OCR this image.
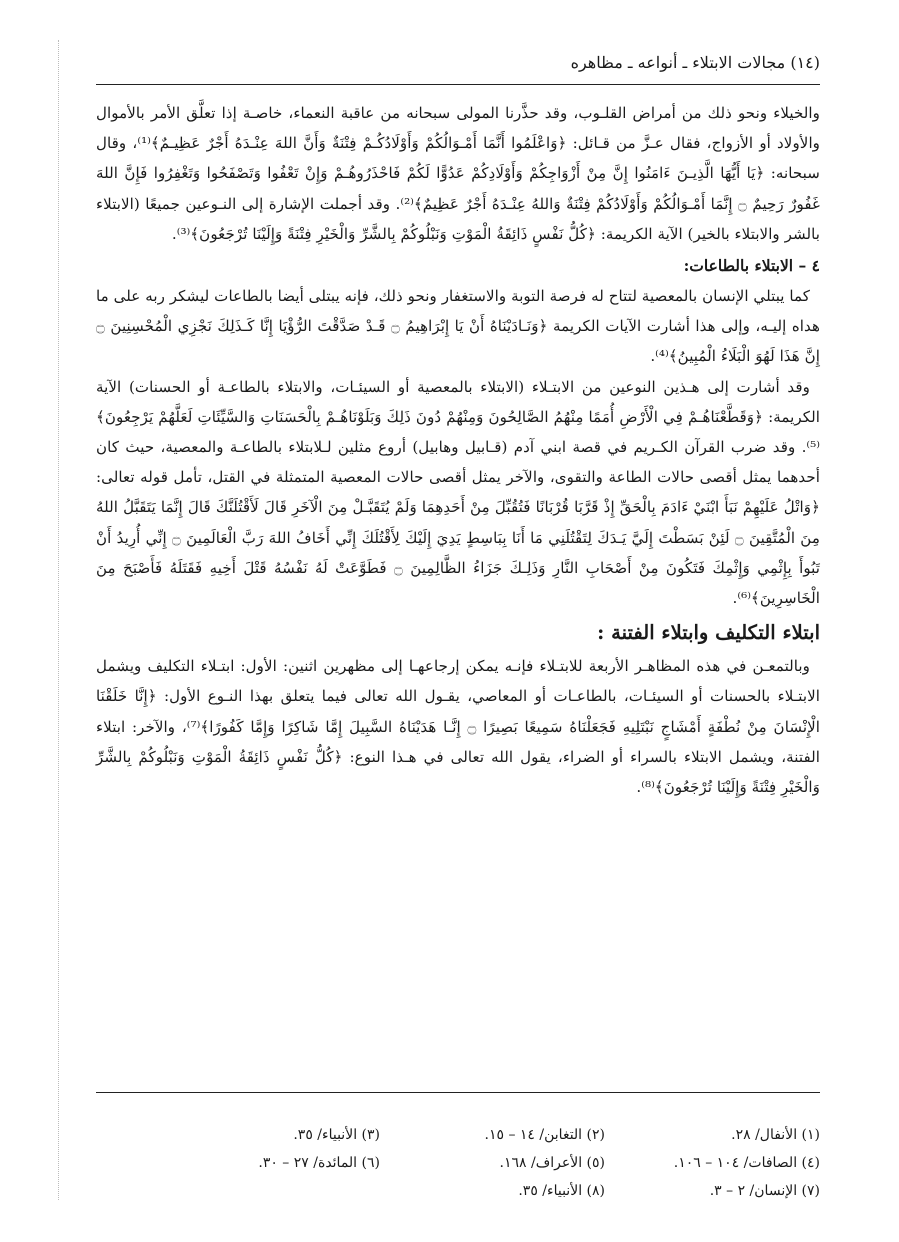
(١٤) مجالات الابتلاء ـ أنواعه ـ مظاهره

والخيلاء ونحو ذلك من أمراض القلـوب، وقد حذَّرنا المولى سبحانه من عاقبة النعماء، خاصـة إذا تعلَّق الأمر بالأموال والأولاد أو الأزواج، فقال عـزَّ من قـائل: ﴿وَاعْلَمُوا أَنَّمَا أَمْـوَالُكُمْ وَأَوْلَادُكُـمْ فِتْنَةٌ وَأَنَّ اللهَ عِنْـدَهُ أَجْرٌ عَظِيـمٌ﴾⁽¹⁾، وقال سبحانه: ﴿يَا أَيُّهَا الَّذِيـنَ ءَامَنُوا إِنَّ مِنْ أَزْوَاجِكُمْ وَأَوْلَادِكُمْ عَدُوًّا لَكُمْ فَاحْذَرُوهُـمْ وَإِنْ تَعْفُوا وَتَصْفَحُوا وَتَغْفِرُوا فَإِنَّ اللهَ غَفُورٌ رَحِيمٌ ۝ إِنَّمَا أَمْـوَالُكُمْ وَأَوْلَادُكُمْ فِتْنَةٌ وَاللهُ عِنْـدَهُ أَجْرٌ عَظِيمٌ﴾⁽²⁾. وقد أجملت الإشارة إلى النـوعين جميعًا (الابتلاء بالشر والابتلاء بالخير) الآية الكريمة: ﴿كُلُّ نَفْسٍ ذَائِقَةُ الْمَوْتِ وَنَبْلُوكُمْ بِالشَّرِّ وَالْخَيْرِ فِتْنَةً وَإِلَيْنَا تُرْجَعُونَ﴾⁽³⁾.

٤ – الابتلاء بالطاعات:

كما يبتلي الإنسان بالمعصية لتتاح له فرصة التوبة والاستغفار ونحو ذلك، فإنه يبتلى أيضا بالطاعات ليشكر ربه على ما هداه إليـه، وإلى هذا أشارت الآيات الكريمة ﴿وَنَـادَيْنَاهُ أَنْ يَا إِبْرَاهِيمُ ۝ قَـدْ صَدَّقْتَ الرُّؤْيَا إِنَّا كَـذَلِكَ نَجْزِي الْمُحْسِنِينَ ۝ إِنَّ هَذَا لَهُوَ الْبَلَاءُ الْمُبِينُ﴾⁽⁴⁾.

وقد أشارت إلى هـذين النوعين من الابتـلاء (الابتلاء بالمعصية أو السيئـات، والابتلاء بالطاعـة أو الحسنات) الآية الكريمة: ﴿وَقَطَّعْنَاهُـمْ فِي الْأَرْضِ أُمَمًا مِنْهُمُ الصَّالِحُونَ وَمِنْهُمْ دُونَ ذَلِكَ وَبَلَوْنَاهُـمْ بِالْحَسَنَاتِ وَالسَّيِّئَاتِ لَعَلَّهُمْ يَرْجِعُونَ﴾⁽⁵⁾. وقد ضرب القرآن الكـريم في قصة ابني آدم (قـابيل وهابيل) أروع مثلين لـلابتلاء بالطاعـة والمعصية، حيث كان أحدهما يمثل أقصى حالات الطاعة والتقوى، والآخر يمثل أقصى حالات المعصية المتمثلة في القتل، تأمل قوله تعالى: ﴿وَاتْلُ عَلَيْهِمْ نَبَأَ ابْنَيْ ءَادَمَ بِالْحَقِّ إِذْ قَرَّبَا قُرْبَانًا فَتُقُبِّلَ مِنْ أَحَدِهِمَا وَلَمْ يُتَقَبَّـلْ مِنَ الْآخَرِ قَالَ لَأَقْتُلَنَّكَ قَالَ إِنَّمَا يَتَقَبَّلُ اللهُ مِنَ الْمُتَّقِينَ ۝ لَئِنْ بَسَطْتَ إِلَيَّ يَـدَكَ لِتَقْتُلَنِي مَا أَنَا بِبَاسِطٍ يَدِيَ إِلَيْكَ لِأَقْتُلَكَ إِنِّي أَخَافُ اللهَ رَبَّ الْعَالَمِينَ ۝ إِنِّي أُرِيدُ أَنْ تَبُوأَ بِإِثْمِي وَإِثْمِكَ فَتَكُونَ مِنْ أَصْحَابِ النَّارِ وَذَلِـكَ جَزَاءُ الظَّالِمِينَ ۝ فَطَوَّعَتْ لَهُ نَفْسُهُ قَتْلَ أَخِيهِ فَقَتَلَهُ فَأَصْبَحَ مِنَ الْخَاسِرِينَ﴾⁽⁶⁾.

ابتلاء التكليف وابتلاء الفتنة :

وبالتمعـن في هذه المظاهـر الأربعة للابتـلاء فإنـه يمكن إرجاعهـا إلى مظهرين اثنين: الأول: ابتـلاء التكليف ويشمل الابتـلاء بالحسنات أو السيئـات، بالطاعـات أو المعاصي، يقـول الله تعالى فيما يتعلق بهذا النـوع الأول: ﴿إِنَّا خَلَقْنَا الْإِنْسَانَ مِنْ نُطْفَةٍ أَمْشَاجٍ نَبْتَلِيهِ فَجَعَلْنَاهُ سَمِيعًا بَصِيرًا ۝ إِنَّـا هَدَيْنَاهُ السَّبِيلَ إِمَّا شَاكِرًا وَإِمَّا كَفُورًا﴾⁽⁷⁾، والآخر: ابتلاء الفتنة، ويشمل الابتلاء بالسراء أو الضراء، يقول الله تعالى في هـذا النوع: ﴿كُلُّ نَفْسٍ ذَائِقَةُ الْمَوْتِ وَنَبْلُوكُمْ بِالشَّرِّ وَالْخَيْرِ فِتْنَةً وَإِلَيْنَا تُرْجَعُونَ﴾⁽⁸⁾.

(١) الأنفال/ ٢٨.
(٢) التغابن/ ١٤ – ١٥.
(٣) الأنبياء/ ٣٥.
(٤) الصافات/ ١٠٤ – ١٠٦.
(٥) الأعراف/ ١٦٨.
(٦) المائدة/ ٢٧ – ٣٠.
(٧) الإنسان/ ٢ – ٣.
(٨) الأنبياء/ ٣٥.
